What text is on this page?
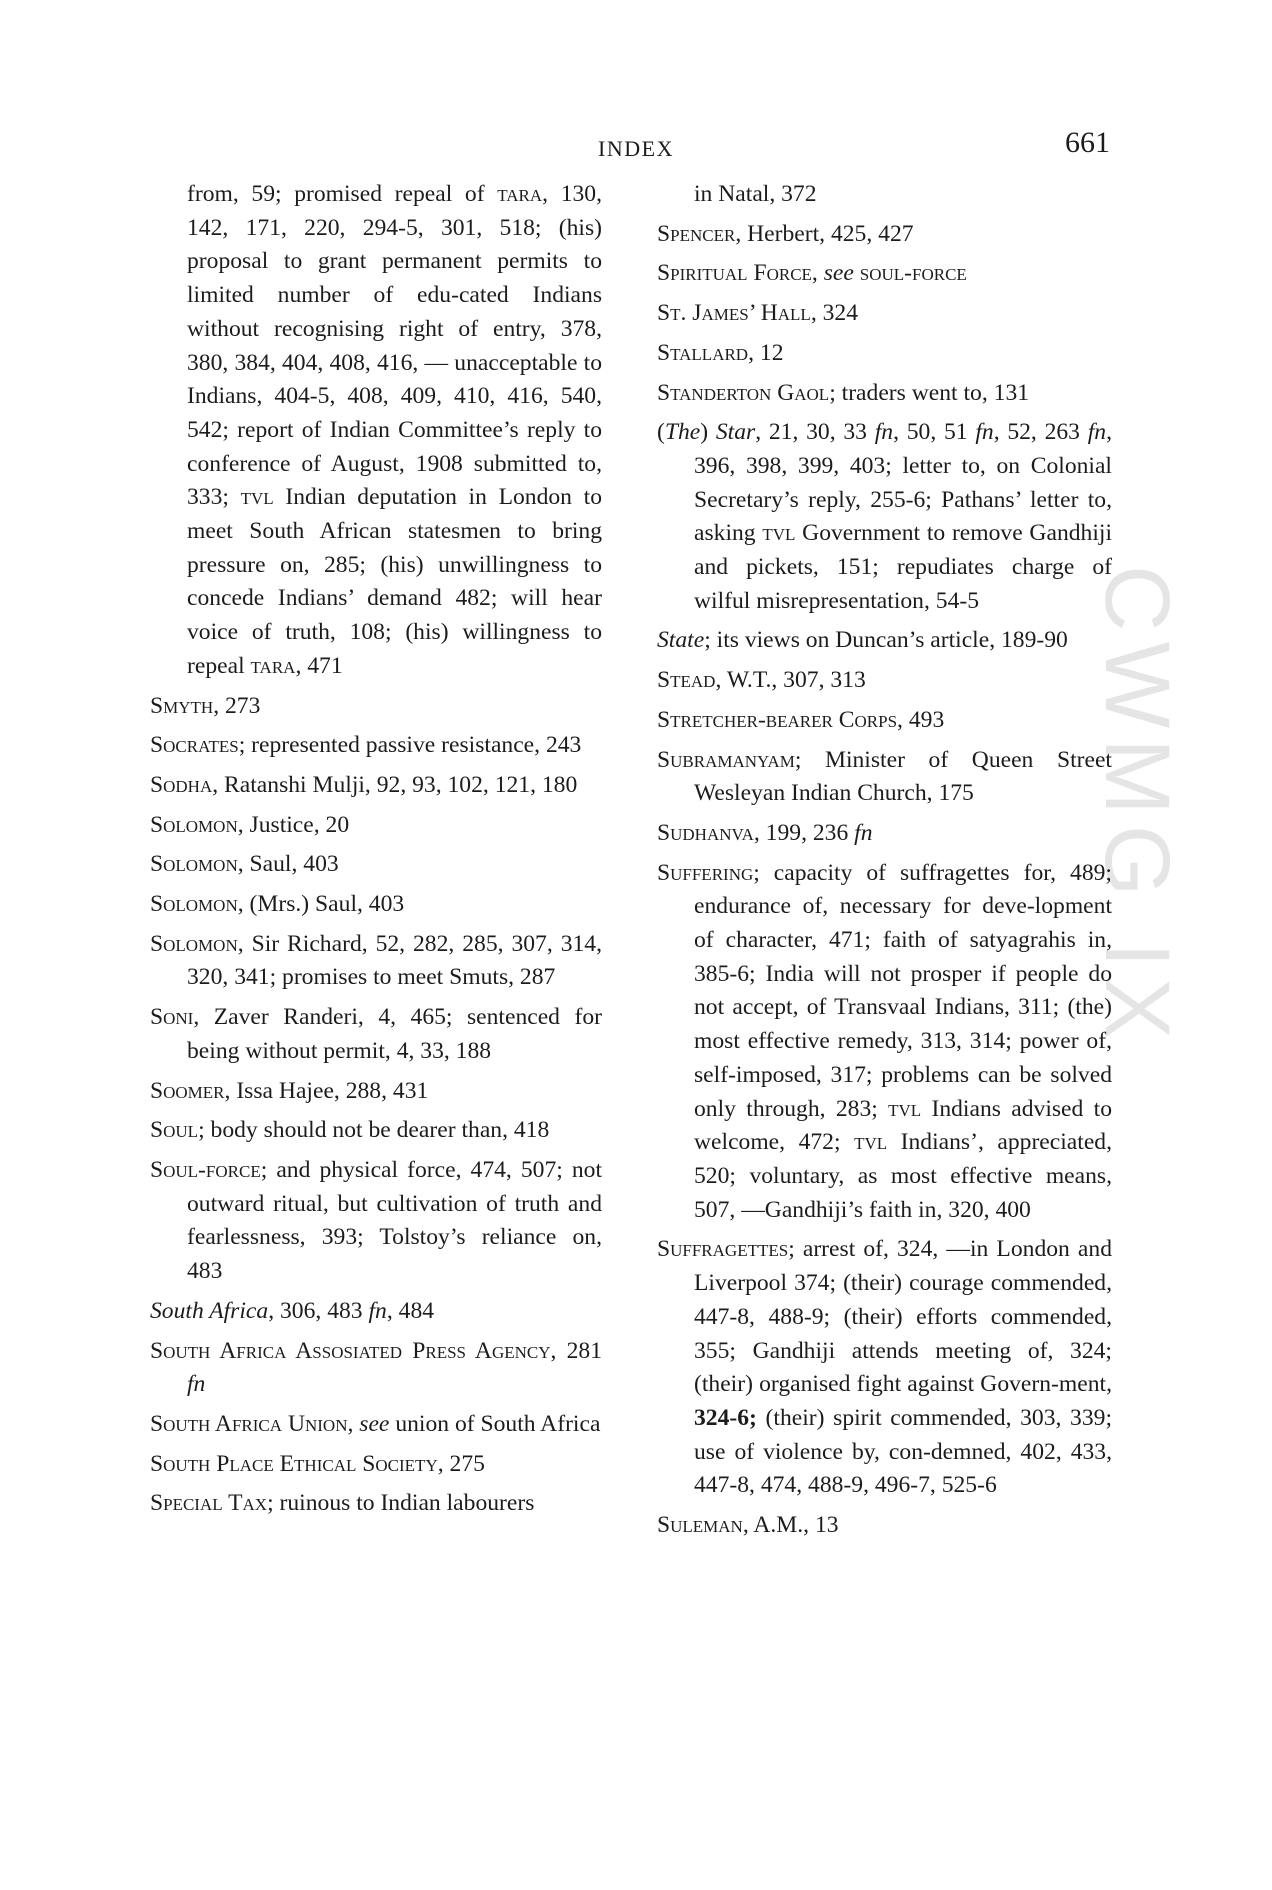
INDEX	661
from, 59; promised repeal of tara, 130, 142, 171, 220, 294-5, 301, 518; (his) proposal to grant permanent permits to limited number of edu-cated Indians without recognising right of entry, 378, 380, 384, 404, 408, 416, — unacceptable to Indians, 404-5, 408, 409, 410, 416, 540, 542; report of Indian Committee’s reply to conference of August, 1908 submitted to, 333; tvl Indian deputation in London to meet South African statesmen to bring pressure on, 285; (his) unwillingness to concede Indians’ demand 482; will hear voice of truth, 108; (his) willingness to repeal tara, 471
Smyth, 273
Socrates; represented passive resistance, 243
Sodha, Ratanshi Mulji, 92, 93, 102, 121, 180
Solomon, Justice, 20
Solomon, Saul, 403
Solomon, (Mrs.) Saul, 403
Solomon, Sir Richard, 52, 282, 285, 307, 314, 320, 341; promises to meet Smuts, 287
Soni, Zaver Randeri, 4, 465; sentenced for being without permit, 4, 33, 188
Soomer, Issa Hajee, 288, 431
Soul; body should not be dearer than, 418
Soul-force; and physical force, 474, 507; not outward ritual, but cultivation of truth and fearlessness, 393; Tolstoy’s reliance on, 483
South Africa, 306, 483 fn, 484
South Africa Assosiated Press Agency, 281 fn
South Africa Union, see union of South Africa
South Place Ethical Society, 275
Special Tax; ruinous to Indian labourers
in Natal, 372
Spencer, Herbert, 425, 427
Spiritual Force, see soul-force
St. James’ Hall, 324
Stallard, 12
Standerton Gaol; traders went to, 131
(The) Star, 21, 30, 33 fn, 50, 51 fn, 52, 263 fn, 396, 398, 399, 403; letter to, on Colonial Secretary’s reply, 255-6; Pathans’ letter to, asking tvl Government to remove Gandhiji and pickets, 151; repudiates charge of wilful misrepresentation, 54-5
State; its views on Duncan’s article, 189-90
Stead, W.T., 307, 313
Stretcher-bearer Corps, 493
Subramanyam; Minister of Queen Street Wesleyan Indian Church, 175
Sudhanva, 199, 236 fn
Suffering; capacity of suffragettes for, 489; endurance of, necessary for deve-lopment of character, 471; faith of satyagrahis in, 385-6; India will not prosper if people do not accept, of Transvaal Indians, 311; (the) most effective remedy, 313, 314; power of, self-imposed, 317; problems can be solved only through, 283; tvl Indians advised to welcome, 472; tvl Indians’, appreciated, 520; voluntary, as most effective means, 507, —Gandhiji’s faith in, 320, 400
Suffragettes; arrest of, 324, —in London and Liverpool 374; (their) courage commended, 447-8, 488-9; (their) efforts commended, 355; Gandhiji attends meeting of, 324; (their) organised fight against Govern-ment, 324-6; (their) spirit commended, 303, 339; use of violence by, con-demned, 402, 433, 447-8, 474, 488-9, 496-7, 525-6
Suleman, A.M., 13
CWMG IX
